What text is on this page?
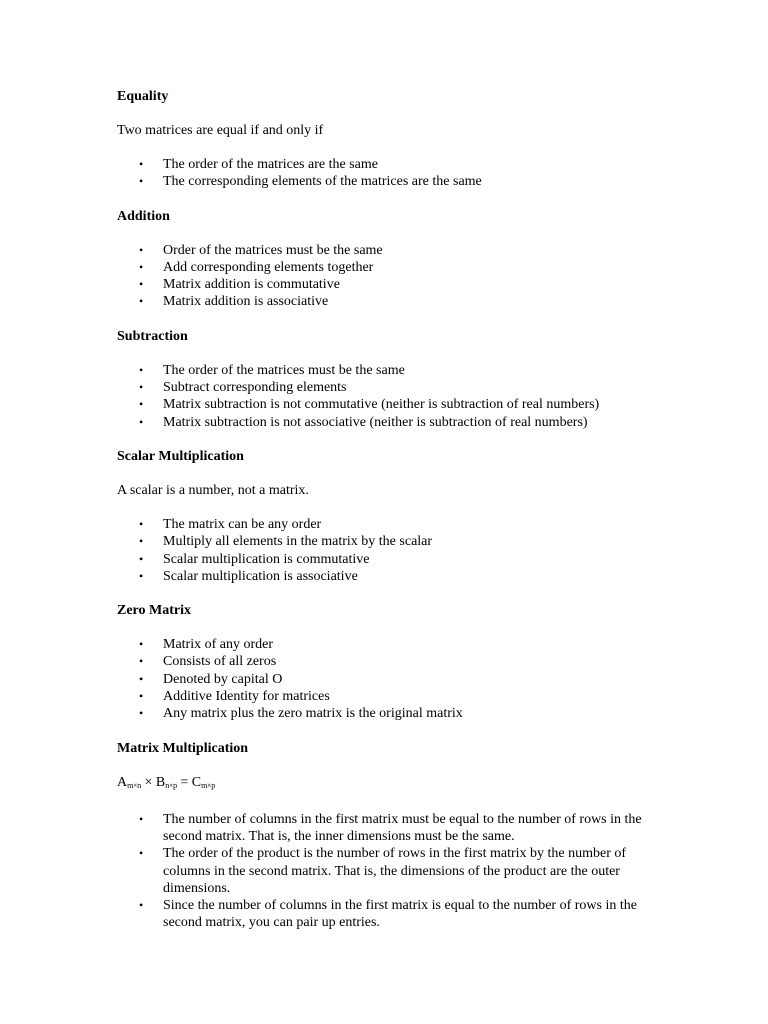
Equality

Two matrices are equal if and only if

• The order of the matrices are the same
• The corresponding elements of the matrices are the same
Addition
• Order of the matrices must be the same
• Add corresponding elements together
• Matrix addition is commutative
• Matrix addition is associative
Subtraction
• The order of the matrices must be the same
• Subtract corresponding elements
• Matrix subtraction is not commutative (neither is subtraction of real numbers)
• Matrix subtraction is not associative (neither is subtraction of real numbers)
Scalar Multiplication

A scalar is a number, not a matrix.

• The matrix can be any order
• Multiply all elements in the matrix by the scalar
• Scalar multiplication is commutative
• Scalar multiplication is associative
Zero Matrix
• Matrix of any order
• Consists of all zeros
• Denoted by capital O
• Additive Identity for matrices
• Any matrix plus the zero matrix is the original matrix
Matrix Multiplication

$A_{m\times n} \times B_{n\times p} = C_{m\times p}$

• The number of columns in the first matrix must be equal to the number of rows in the second matrix. That is, the inner dimensions must be the same.
• The order of the product is the number of rows in the first matrix by the number of columns in the second matrix. That is, the dimensions of the product are the outer dimensions.
• Since the number of columns in the first matrix is equal to the number of rows in the second matrix, you can pair up entries.
